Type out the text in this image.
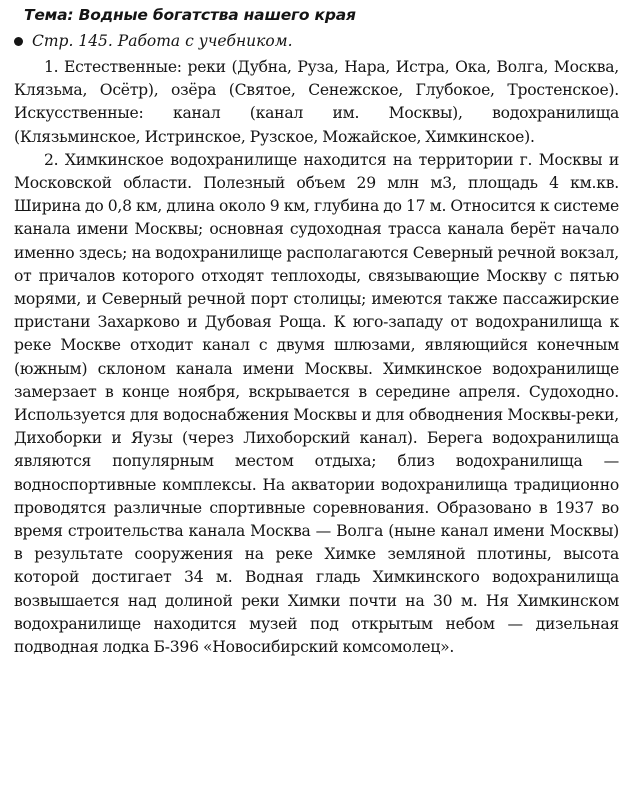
Тема: Водные богатства нашего края
Стр. 145. Работа с учебником.

1. Естественные: реки (Дубна, Руза, Нара, Истра, Ока, Волга, Москва, Клязьма, Осётр), озёра (Святое, Сенежское, Глубокое, Тростенское). Искусственные: канал (канал им. Москвы), водохранилища (Клязьминское, Истринское, Рузское, Можайское, Химкинское).

2. Химкинское водохранилище находится на территории г. Москвы и Московской области. Полезный объем 29 млн м3, площадь 4 км.кв. Ширина до 0,8 км, длина около 9 км, глубина до 17 м. Относится к системе канала имени Москвы; основная судоходная трасса канала берёт начало именно здесь; на водохранилище располагаются Северный речной вокзал, от причалов которого отходят теплоходы, связывающие Москву с пятью морями, и Северный речной порт столицы; имеются также пассажирские пристани Захарково и Дубовая Роща. К юго-западу от водохранилища к реке Москве отходит канал с двумя шлюзами, являющийся конечным (южным) склоном канала имени Москвы. Химкинское водохранилище замерзает в конце ноября, вскрывается в середине апреля. Судоходно. Используется для водоснабжения Москвы и для обводнения Москвы-реки, Дихоборки и Яузы (через Лихоборский канал). Берега водохранилища являются популярным местом отдыха; близ водохранилища — водноспортивные комплексы. На акватории водохранилища традиционно проводятся различные спортивные соревнования. Образовано в 1937 во время строительства канала Москва — Волга (ныне канал имени Москвы) в результате сооружения на реке Химке земляной плотины, высота которой достигает 34 м. Водная гладь Химкинского водохранилища возвышается над долиной реки Химки почти на 30 м. Ня Химкинском водохранилище находится музей под открытым небом — дизельная подводная лодка Б-396 «Новосибирский комсомолец».
